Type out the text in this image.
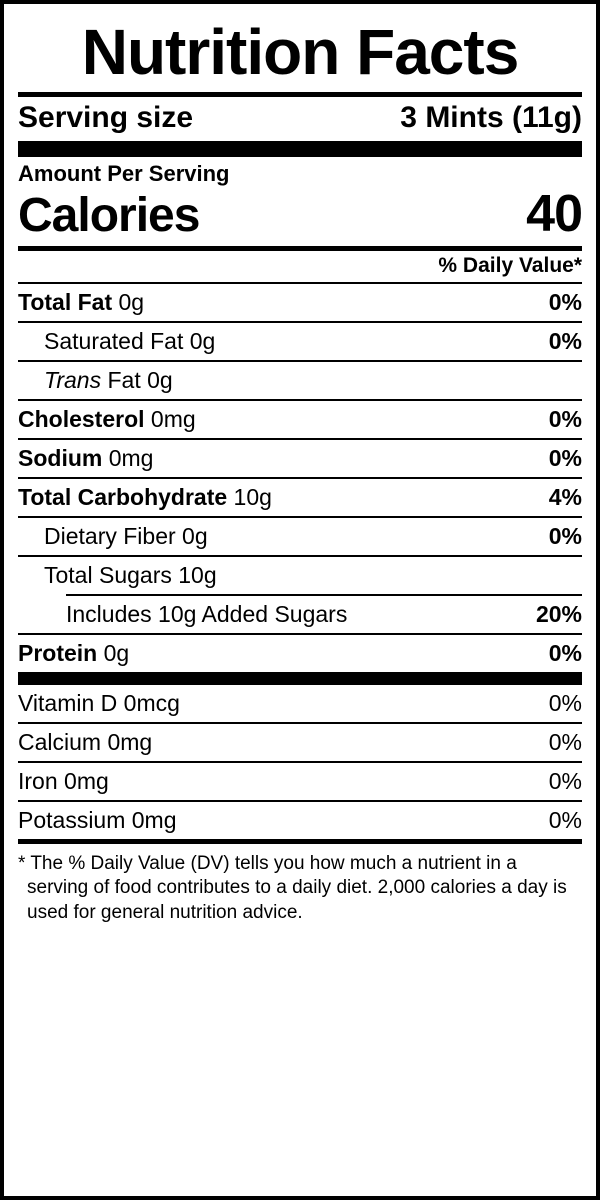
Nutrition Facts
Serving size	3 Mints (11g)
Amount Per Serving
Calories	40
% Daily Value*
Total Fat 0g	0%
Saturated Fat 0g	0%
Trans Fat 0g
Cholesterol 0mg	0%
Sodium 0mg	0%
Total Carbohydrate 10g	4%
Dietary Fiber 0g	0%
Total Sugars 10g
Includes 10g Added Sugars	20%
Protein 0g	0%
Vitamin D 0mcg	0%
Calcium 0mg	0%
Iron 0mg	0%
Potassium 0mg	0%
* The % Daily Value (DV) tells you how much a nutrient in a serving of food contributes to a daily diet. 2,000 calories a day is used for general nutrition advice.
